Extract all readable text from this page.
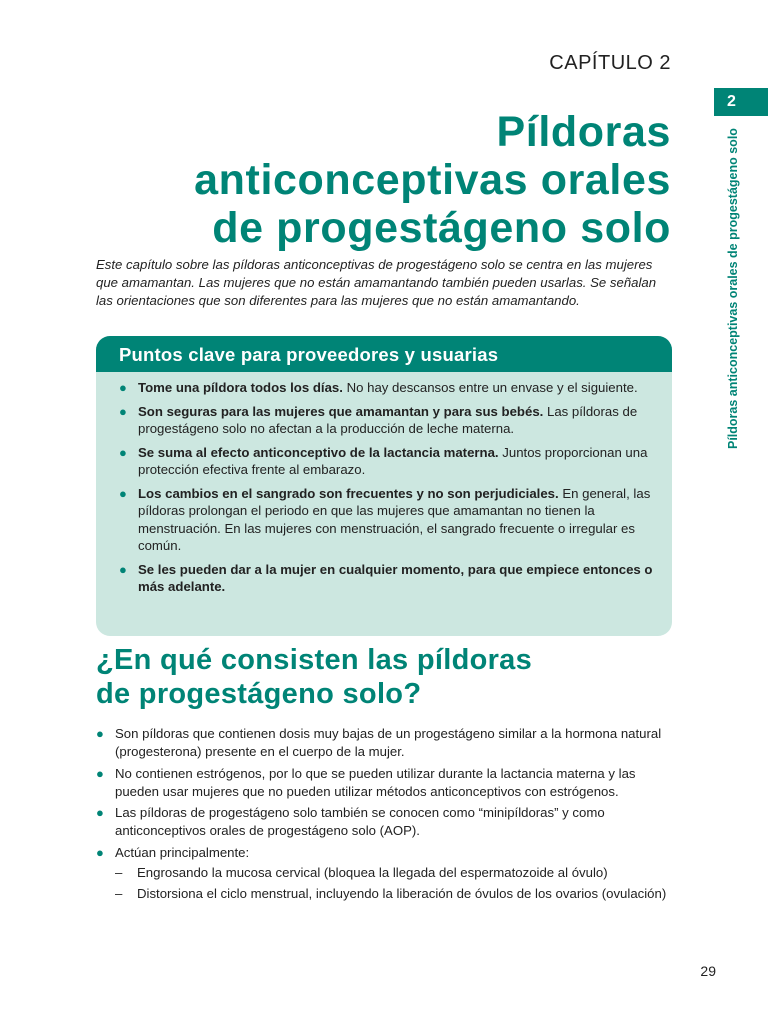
CAPÍTULO 2
2
Píldoras anticonceptivas orales de progestágeno solo
Píldoras
anticonceptivas orales
de progestágeno solo

Este capítulo sobre las píldoras anticonceptivas de progestágeno solo se centra en las mujeres que amamantan. Las mujeres que no están amamantando también pueden usarlas. Se señalan las orientaciones que son diferentes para las mujeres que no están amamantando.

Puntos clave para proveedores y usuarias
● Tome una píldora todos los días. No hay descansos entre un envase y el siguiente.
● Son seguras para las mujeres que amamantan y para sus bebés. Las píldoras de progestágeno solo no afectan a la producción de leche materna.
● Se suma al efecto anticonceptivo de la lactancia materna. Juntos proporcionan una protección efectiva frente al embarazo.
● Los cambios en el sangrado son frecuentes y no son perjudiciales. En general, las píldoras prolongan el periodo en que las mujeres que amamantan no tienen la menstruación. En las mujeres con menstruación, el sangrado frecuente o irregular es común.
● Se les pueden dar a la mujer en cualquier momento, para que empiece entonces o más adelante.
¿En qué consisten las píldoras
de progestágeno solo?
● Son píldoras que contienen dosis muy bajas de un progestágeno similar a la hormona natural (progesterona) presente en el cuerpo de la mujer.
● No contienen estrógenos, por lo que se pueden utilizar durante la lactancia materna y las pueden usar mujeres que no pueden utilizar métodos anticonceptivos con estrógenos.
● Las píldoras de progestágeno solo también se conocen como “minipíldoras” y como anticonceptivos orales de progestágeno solo (AOP).
● Actúan principalmente:
– Engrosando la mucosa cervical (bloquea la llegada del espermatozoide al óvulo)
– Distorsiona el ciclo menstrual, incluyendo la liberación de óvulos de los ovarios (ovulación)
29
